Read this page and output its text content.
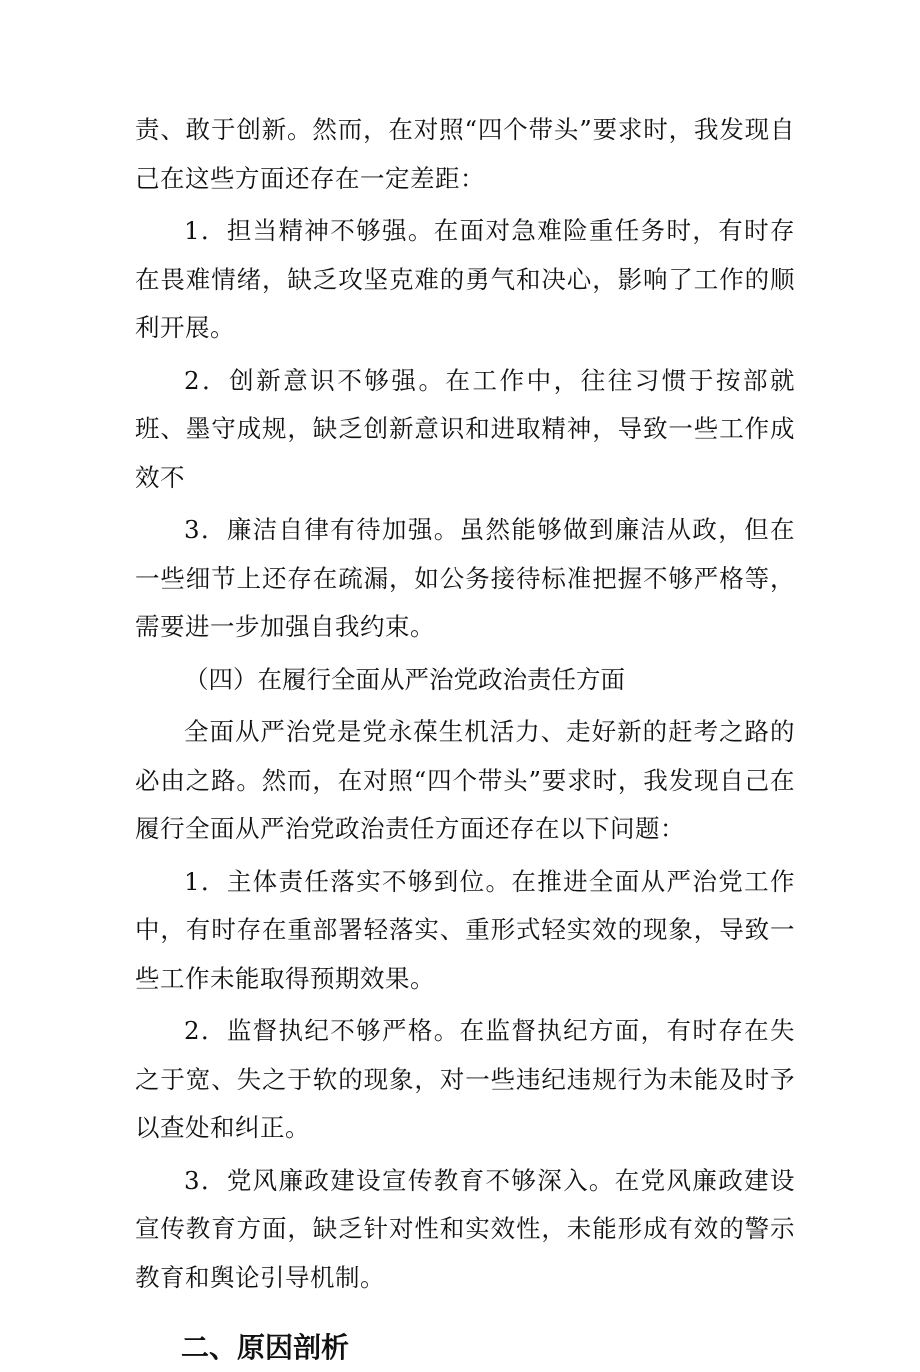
责、敢于创新。然而，在对照“四个带头”要求时，我发现自己在这些方面还存在一定差距：

1．担当精神不够强。在面对急难险重任务时，有时存在畏难情绪，缺乏攻坚克难的勇气和决心，影响了工作的顺利开展。

2．创新意识不够强。在工作中，往往习惯于按部就班、墨守成规，缺乏创新意识和进取精神，导致一些工作成效不

3．廉洁自律有待加强。虽然能够做到廉洁从政，但在一些细节上还存在疏漏，如公务接待标准把握不够严格等，需要进一步加强自我约束。

（四）在履行全面从严治党政治责任方面

全面从严治党是党永葆生机活力、走好新的赶考之路的必由之路。然而，在对照“四个带头”要求时，我发现自己在履行全面从严治党政治责任方面还存在以下问题：

1．主体责任落实不够到位。在推进全面从严治党工作中，有时存在重部署轻落实、重形式轻实效的现象，导致一些工作未能取得预期效果。

2．监督执纪不够严格。在监督执纪方面，有时存在失之于宽、失之于软的现象，对一些违纪违规行为未能及时予以查处和纠正。

3．党风廉政建设宣传教育不够深入。在党风廉政建设宣传教育方面，缺乏针对性和实效性，未能形成有效的警示教育和舆论引导机制。

二、原因剖析
